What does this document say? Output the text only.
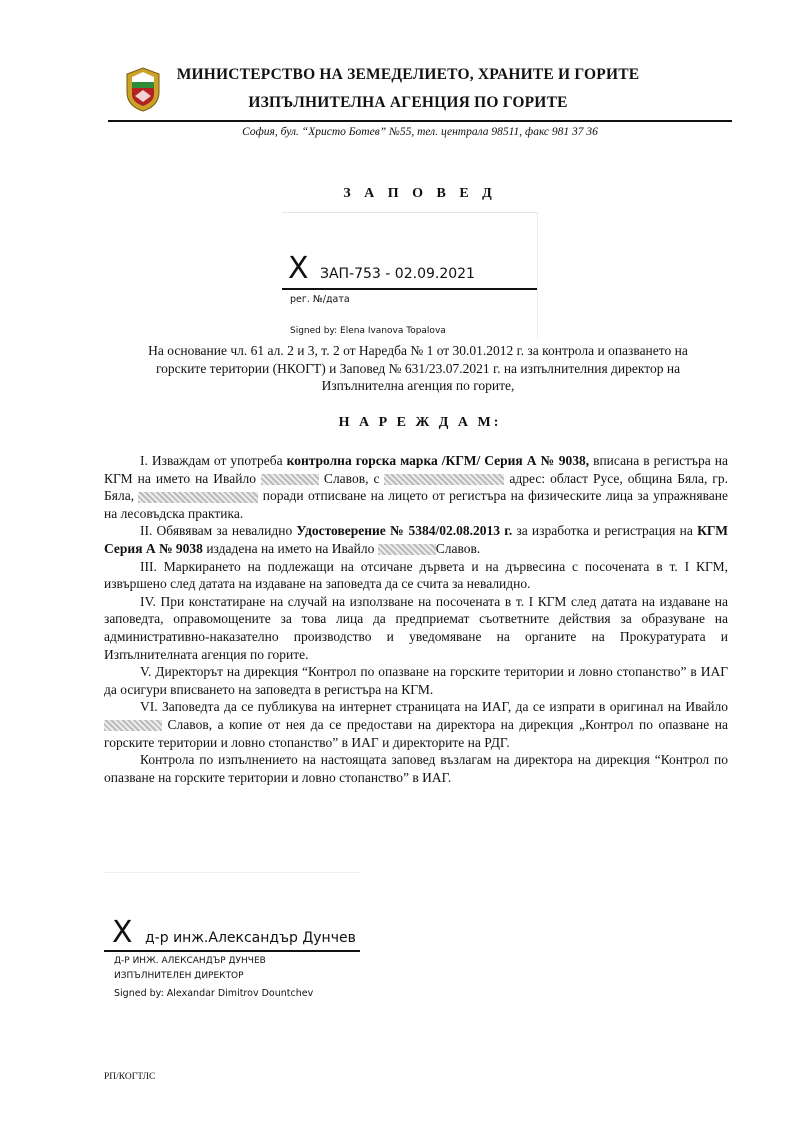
МИНИСТЕРСТВО НА ЗЕМЕДЕЛИЕТО, ХРАНИТЕ И ГОРИТЕ
ИЗПЪЛНИТЕЛНА АГЕНЦИЯ ПО ГОРИТЕ
София, бул. “Христо Ботев” №55, тел. централа 98511, факс 981 37 36
З А П О В Е Д
X ЗАП-753 - 02.09.2021
рег. №/дата
Signed by: Elena Ivanova Topalova
На основание чл. 61 ал. 2 и 3, т. 2 от Наредба № 1 от 30.01.2012 г. за контрола и опазването на горските територии (НКОГТ) и Заповед № 631/23.07.2021 г. на изпълнителния директор на Изпълнителна агенция по горите,
Н А Р Е Ж Д А М:

I. Изваждам от употреба контролна горска марка /КГМ/ Серия А № 9038, вписана в регистъра на КГМ на името на Ивайло	Славов, с	адрес: област Русе, община Бяла, гр. Бяла,	поради отписване на лицето от регистъра на физическите лица за упражняване на лесовъдска практика.

II. Обявявам за невалидно Удостоверение № 5384/02.08.2013 г. за изработка и регистрация на КГМ Серия А № 9038 издадена на името на Ивайло	Славов.

III. Маркирането на подлежащи на отсичане дървета и на дървесина с посочената в т. I КГМ, извършено след датата на издаване на заповедта да се счита за невалидно.

IV. При констатиране на случай на използване на посочената в т. I КГМ след датата на издаване на заповедта, оправомощените за това лица да предприемат съответните действия за образуване на административно-наказателно производство и уведомяване на органите на Прокуратурата и Изпълнителната агенция по горите.

V. Директорът на дирекция “Контрол по опазване на горските територии и ловно стопанство” в ИАГ да осигури вписването на заповедта в регистъра на КГМ.

VI. Заповедта да се публикува на интернет страницата на ИАГ, да се изпрати в оригинал на Ивайло  Славов, а копие от нея да се предостави на директора на дирекция „Контрол по опазване на горските територии и ловно стопанство” в ИАГ и директорите на РДГ.

Контрола по изпълнението на настоящата заповед възлагам на директора на дирекция “Контрол по опазване на горските територии и ловно стопанство” в ИАГ.

X д-р инж.Александър Дунчев
Д-Р ИНЖ. АЛЕКСАНДЪР ДУНЧЕВ
ИЗПЪЛНИТЕЛЕН ДИРЕКТОР
Signed by: Alexandar Dimitrov Dountchev
РП/КОГТЛС
